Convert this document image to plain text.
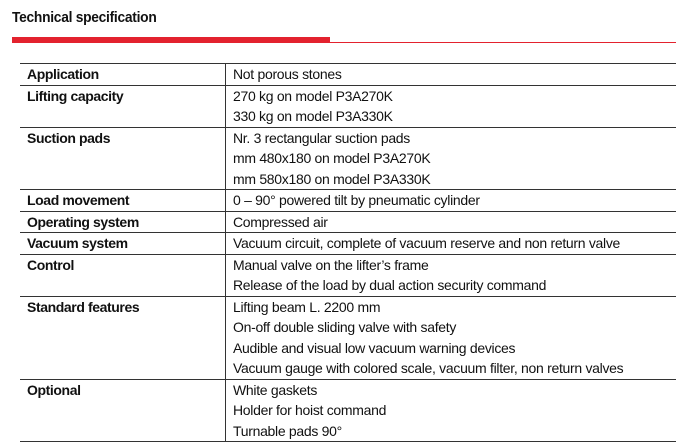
Technical specification
Application	Not porous stones

Lifting capacity	270 kg on model P3A270K
330 kg on model P3A330K

Suction pads	Nr. 3 rectangular suction pads
mm 480x180 on model P3A270K
mm 580x180 on model P3A330K

Load movement	0 – 90° powered tilt by pneumatic cylinder

Operating system	Compressed air

Vacuum system	Vacuum circuit, complete of vacuum reserve and non return valve

Control	Manual valve on the lifter’s frame
Release of the load by dual action security command

Standard features	Lifting beam L. 2200 mm
On-off double sliding valve with safety
Audible and visual low vacuum warning devices
Vacuum gauge with colored scale, vacuum filter, non return valves

Optional	White gaskets
Holder for hoist command
Turnable pads 90°
